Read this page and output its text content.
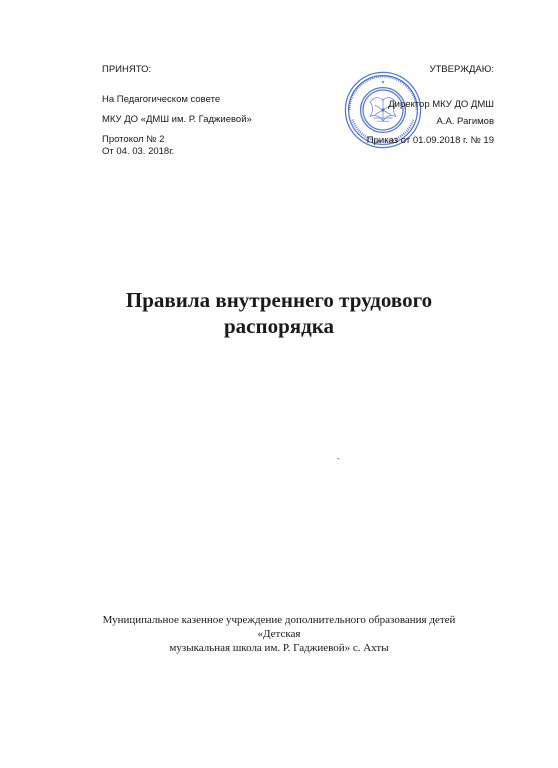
ПРИНЯТО:
На Педагогическом совете
МКУ ДО «ДМШ им. Р. Гаджиевой»
Протокол № 2
От 04. 03. 2018г.
УТВЕРЖДАЮ:
Директор МКУ ДО ДМШ
А.А. Рагимов
Приказ от 01.09.2018 г. № 19
Правила внутреннего трудового
распорядка
-
Муниципальное казенное учреждение дополнительного образования детей «Детская
музыкальная школа им. Р. Гаджиевой» с. Ахты
